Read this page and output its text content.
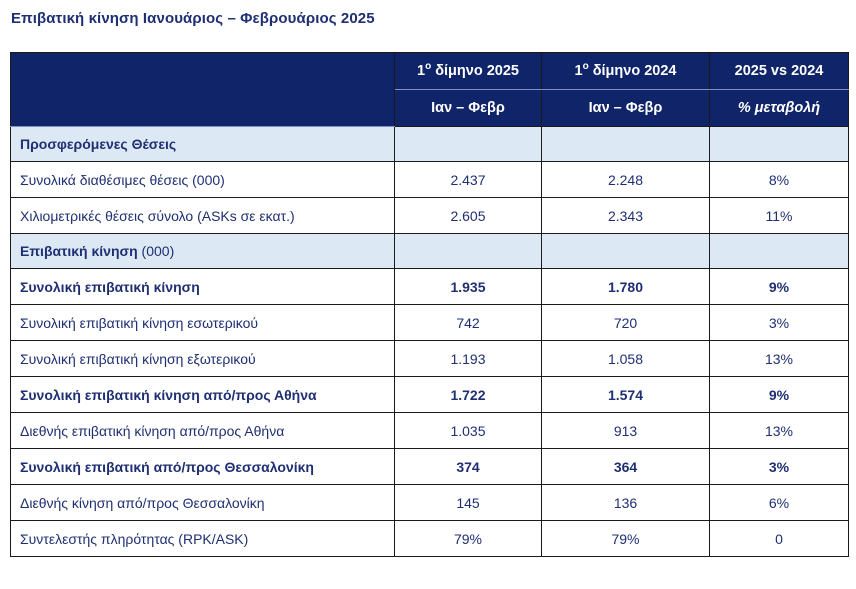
Επιβατική κίνηση Ιανουάριος – Φεβρουάριος 2025
	$1^o$ δίμηνο 2025	$1^o$ δίμηνο 2024	2025 vs 2024
	Ιαν – Φεβρ	Ιαν – Φεβρ	% μεταβολή
Προσφερόμενες Θέσεις			
Συνολικά διαθέσιμες θέσεις (000)	2.437	2.248	8%
Χιλιομετρικές θέσεις σύνολο (ASKs σε εκατ.)	2.605	2.343	11%
Επιβατική κίνηση (000)			
Συνολική επιβατική κίνηση	1.935	1.780	9%
Συνολική επιβατική κίνηση εσωτερικού	742	720	3%
Συνολική επιβατική κίνηση εξωτερικού	1.193	1.058	13%
Συνολική επιβατική κίνηση από/προς Αθήνα	1.722	1.574	9%
Διεθνής επιβατική κίνηση από/προς Αθήνα	1.035	913	13%
Συνολική επιβατική από/προς Θεσσαλονίκη	374	364	3%
Διεθνής κίνηση από/προς Θεσσαλονίκη	145	136	6%
Συντελεστής πληρότητας (RPK/ASK)	79%	79%	0
